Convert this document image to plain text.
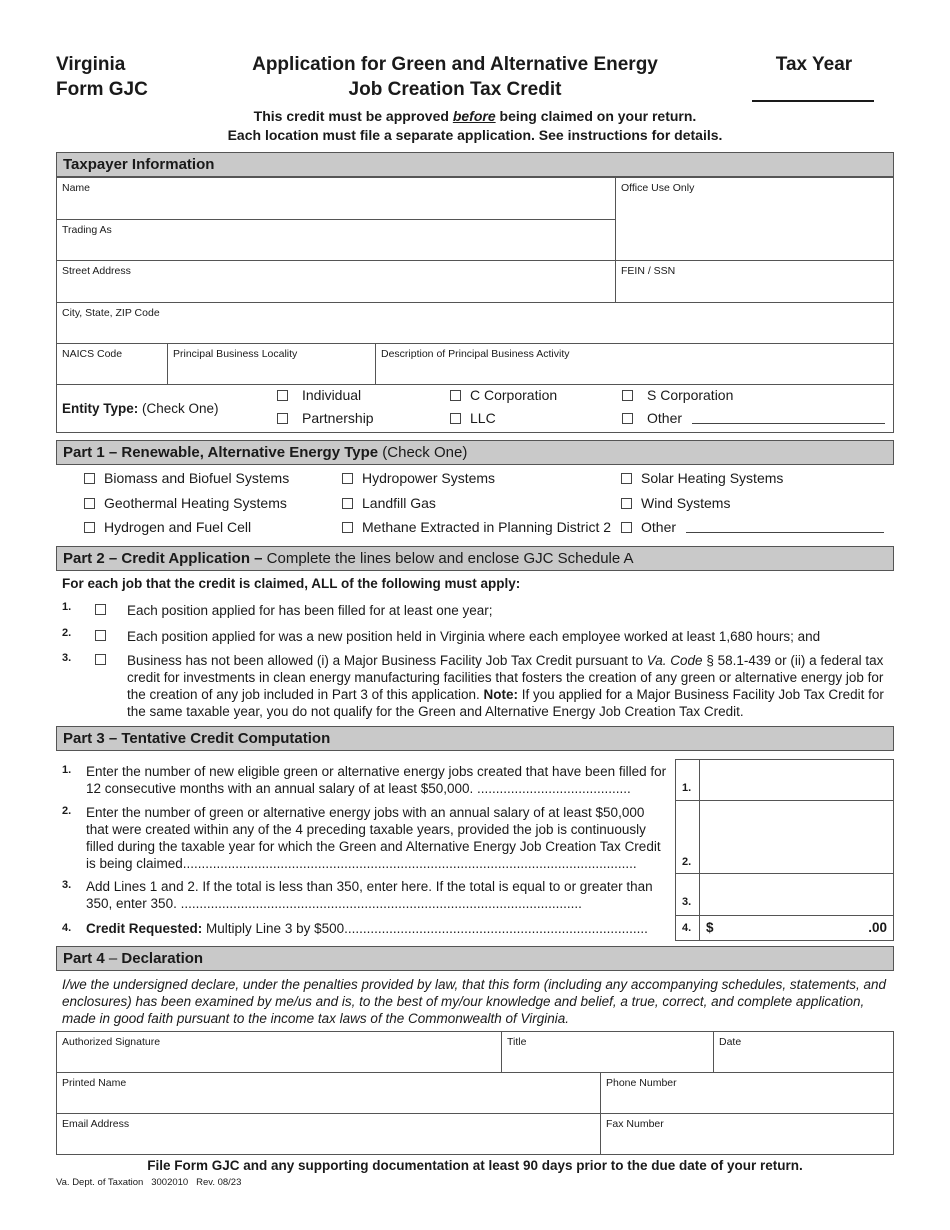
Virginia
Form GJC
Application for Green and Alternative Energy
Job Creation Tax Credit
Tax Year
This credit must be approved before being claimed on your return.
Each location must file a separate application. See instructions for details.
Taxpayer Information
Name	Office Use Only
Trading As
Street Address	FEIN / SSN
City, State, ZIP Code
NAICS Code	Principal Business Locality	Description of Principal Business Activity
Entity Type: (Check One)
Individual	C Corporation	S Corporation
Partnership	LLC	Other
Part 1 – Renewable, Alternative Energy Type (Check One)
Biomass and Biofuel Systems	Hydropower Systems	Solar Heating Systems
Geothermal Heating Systems	Landfill Gas	Wind Systems
Hydrogen and Fuel Cell	Methane Extracted in Planning District 2 Other
Part 2 – Credit Application – Complete the lines below and enclose GJC Schedule A
For each job that the credit is claimed, ALL of the following must apply:
1.	Each position applied for has been filled for at least one year;
2.	Each position applied for was a new position held in Virginia where each employee worked at least 1,680 hours; and
3.	Business has not been allowed (i) a Major Business Facility Job Tax Credit pursuant to Va. Code § 58.1-439 or (ii) a federal tax credit for investments in clean energy manufacturing facilities that fosters the creation of any green or alternative energy job for the creation of any job included in Part 3 of this application. Note: If you applied for a Major Business Facility Job Tax Credit for the same taxable year, you do not qualify for the Green and Alternative Energy Job Creation Tax Credit.
Part 3 – Tentative Credit Computation
1. Enter the number of new eligible green or alternative energy jobs created that have been filled for 12 consecutive months with an annual salary of at least $50,000. .........................................	1.
2. Enter the number of green or alternative energy jobs with an annual salary of at least $50,000 that were created within any of the 4 preceding taxable years, provided the job is continuously filled during the taxable year for which the Green and Alternative Energy Job Creation Tax Credit is being claimed.........................................................................................................................	2.
3. Add Lines 1 and 2. If the total is less than 350, enter here. If the total is equal to or greater than 350, enter 350. ...........................................................................................................	3.
4. Credit Requested: Multiply Line 3 by $500.................................................................................	4. $	.00
Part 4 – Declaration
I/we the undersigned declare, under the penalties provided by law, that this form (including any accompanying schedules, statements, and enclosures) has been examined by me/us and is, to the best of my/our knowledge and belief, a true, correct, and complete application, made in good faith pursuant to the income tax laws of the Commonwealth of Virginia.
Authorized Signature	Title	Date
Printed Name	Phone Number
Email Address	Fax Number
File Form GJC and any supporting documentation at least 90 days prior to the due date of your return.
Va. Dept. of Taxation   3002010   Rev. 08/23
